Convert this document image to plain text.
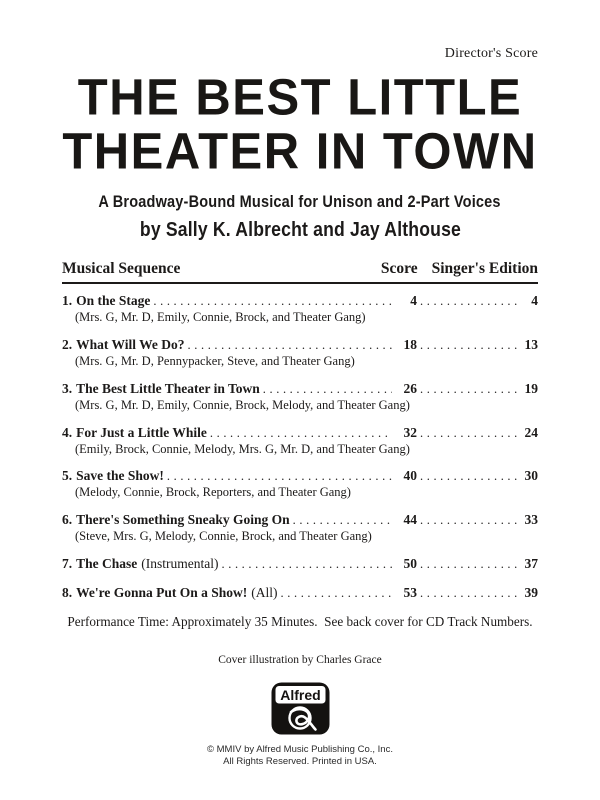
Director's Score
THE BEST LITTLE
THEATER IN TOWN
A Broadway-Bound Musical for Unison and 2-Part Voices
by Sally K. Albrecht and Jay Althouse
Musical Sequence	Score Singer's Edition
1. On the Stage .....	4 .....	4
(Mrs. G, Mr. D, Emily, Connie, Brock, and Theater Gang)
2. What Will We Do? .....	18 .....	13
(Mrs. G, Mr. D, Pennypacker, Steve, and Theater Gang)
3. The Best Little Theater in Town .....	26 .....	19
(Mrs. G, Mr. D, Emily, Connie, Brock, Melody, and Theater Gang)
4. For Just a Little While .....	32 .....	24
(Emily, Brock, Connie, Melody, Mrs. G, Mr. D, and Theater Gang)
5. Save the Show! .....	40 .....	30
(Melody, Connie, Brock, Reporters, and Theater Gang)
6. There's Something Sneaky Going On .....	44 .....	33
(Steve, Mrs. G, Melody, Connie, Brock, and Theater Gang)
7. The Chase (Instrumental) .....	50 .....	37
8. We're Gonna Put On a Show! (All) .....	53 .....	39
Performance Time: Approximately 35 Minutes.  See back cover for CD Track Numbers.
Cover illustration by Charles Grace
Alfred
© MMIV by Alfred Music Publishing Co., Inc.
All Rights Reserved. Printed in USA.
